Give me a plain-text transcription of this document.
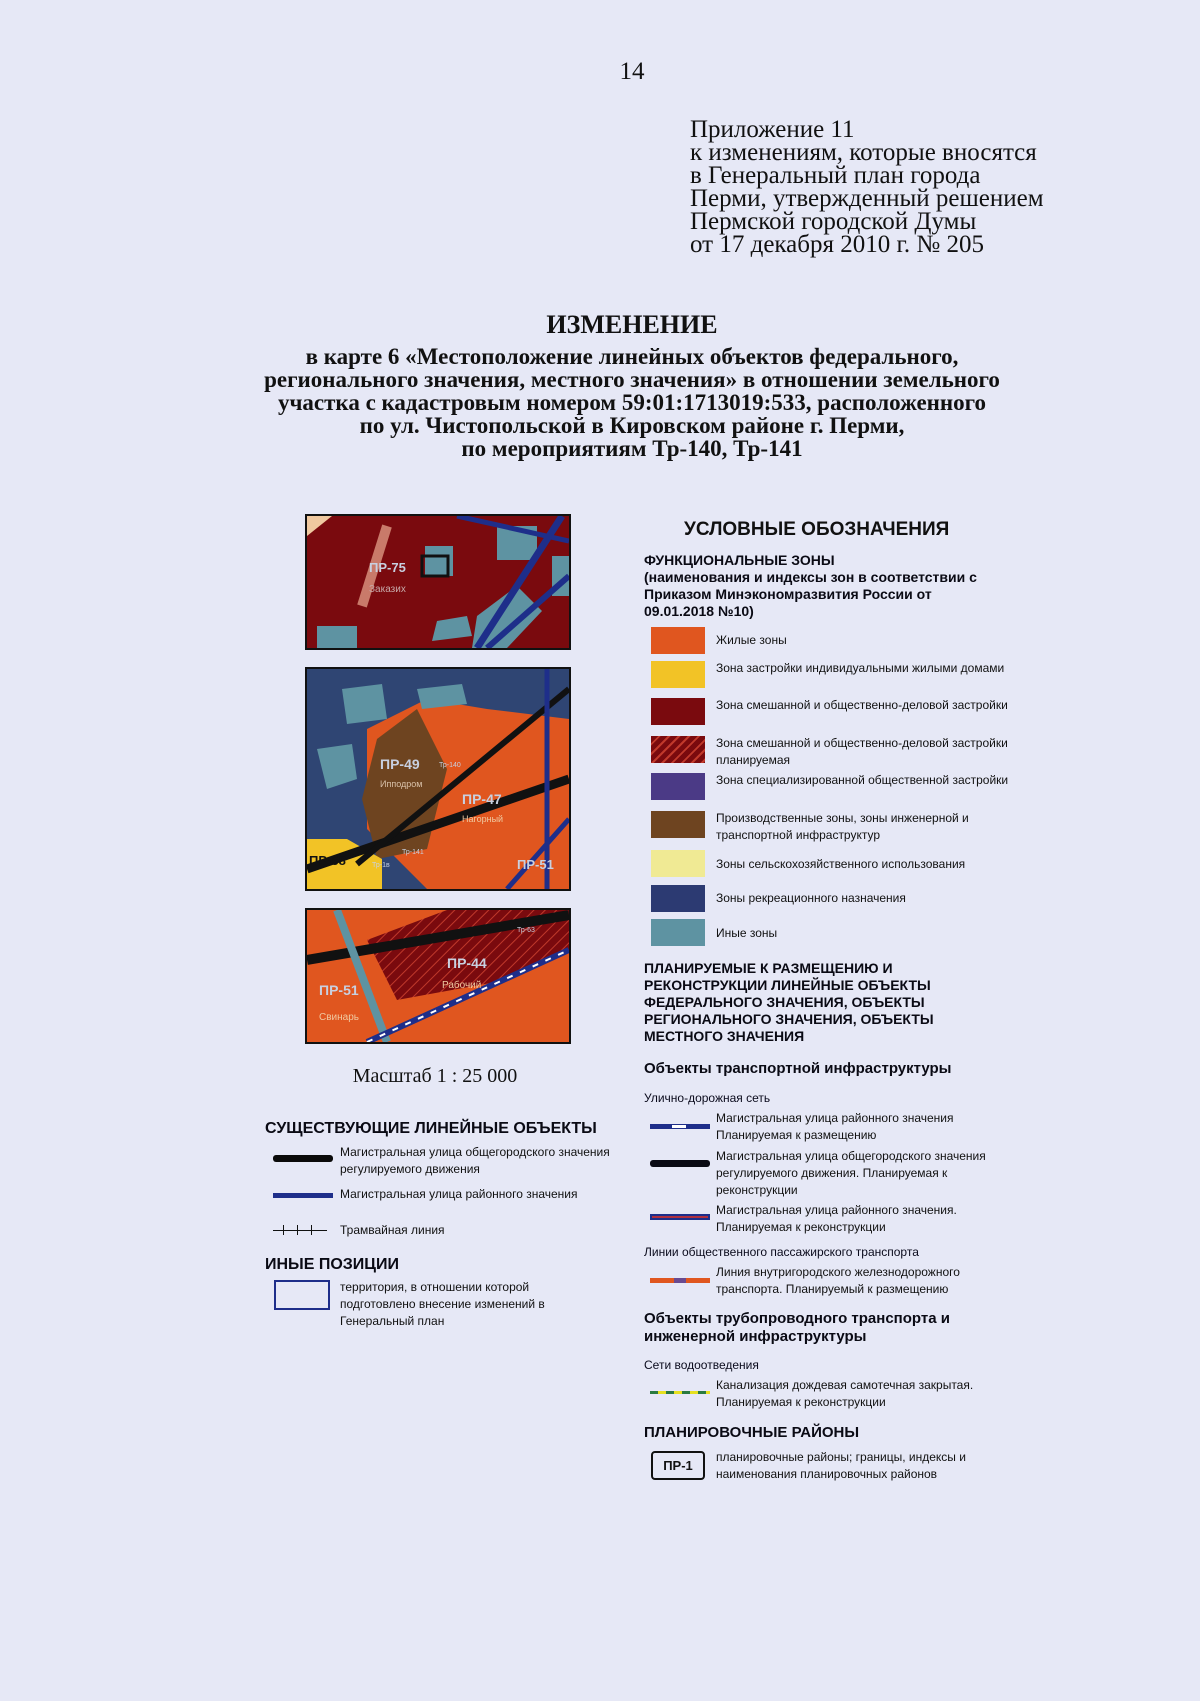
14
Приложение 11
к изменениям, которые вносятся
в Генеральный план города
Перми, утвержденный решением
Пермской городской Думы
от 17 декабря 2010 г. № 205
ИЗМЕНЕНИЕ
в карте 6 «Местоположение линейных объектов федерального,
регионального значения, местного значения» в отношении земельного
участка с кадастровым номером 59:01:1713019:533, расположенного
по ул. Чистопольской в Кировском районе г. Перми,
по мероприятиям Тр-140, Тр-141
ПР-75
Заказих
ПР-49
Ипподром
ПР-47
Нагорный
ПР-58	ПР-51
Тр-140
Тр-141
Тр-1в
ПР-51
Свинарь
ПР-44
Рабочий
Тр-63
Масштаб 1 : 25 000
СУЩЕСТВУЮЩИЕ ЛИНЕЙНЫЕ ОБЪЕКТЫ
Магистральная улица общегородского значения регулируемого движения
Магистральная улица районного значения
Трамвайная линия
ИНЫЕ ПОЗИЦИИ
территория, в отношении которой подготовлено внесение изменений в Генеральный план
УСЛОВНЫЕ ОБОЗНАЧЕНИЯ
ФУНКЦИОНАЛЬНЫЕ ЗОНЫ
(наименования и индексы зон в соответствии с Приказом Минэкономразвития России от 09.01.2018 №10)
Жилые зоны
Зона застройки индивидуальными жилыми домами
Зона смешанной и общественно-деловой застройки
Зона смешанной и общественно-деловой застройки планируемая
Зона специализированной общественной застройки
Производственные зоны, зоны инженерной и транспортной инфраструктур
Зоны сельскохозяйственного использования
Зоны рекреационного назначения
Иные зоны
ПЛАНИРУЕМЫЕ К РАЗМЕЩЕНИЮ И РЕКОНСТРУКЦИИ ЛИНЕЙНЫЕ ОБЪЕКТЫ ФЕДЕРАЛЬНОГО ЗНАЧЕНИЯ, ОБЪЕКТЫ РЕГИОНАЛЬНОГО ЗНАЧЕНИЯ, ОБЪЕКТЫ МЕСТНОГО ЗНАЧЕНИЯ
Объекты транспортной инфраструктуры
Улично-дорожная сеть
Магистральная улица районного значения Планируемая к размещению
Магистральная улица общегородского значения регулируемого движения. Планируемая к реконструкции
Магистральная улица районного значения. Планируемая к реконструкции
Линии общественного пассажирского транспорта
Линия внутригородского железнодорожного транспорта. Планируемый к размещению
Объекты трубопроводного транспорта и инженерной инфраструктуры
Сети водоотведения
Канализация дождевая самотечная закрытая. Планируемая к реконструкции
ПЛАНИРОВОЧНЫЕ РАЙОНЫ
ПР-1
планировочные районы; границы, индексы и наименования планировочных районов
